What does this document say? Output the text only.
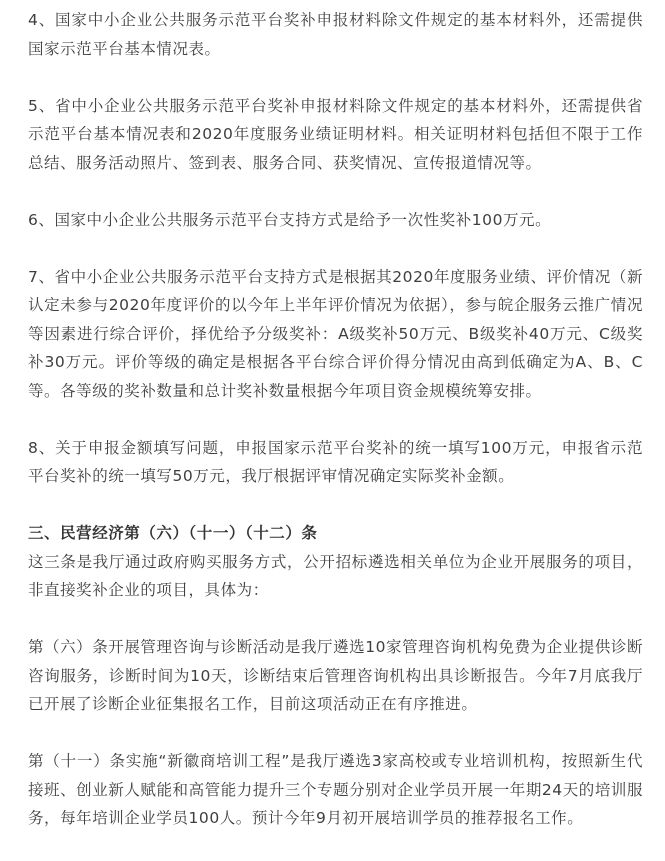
4、国家中小企业公共服务示范平台奖补申报材料除文件规定的基本材料外，还需提供国家示范平台基本情况表。

5、省中小企业公共服务示范平台奖补申报材料除文件规定的基本材料外，还需提供省示范平台基本情况表和2020年度服务业绩证明材料。相关证明材料包括但不限于工作总结、服务活动照片、签到表、服务合同、获奖情况、宣传报道情况等。

6、国家中小企业公共服务示范平台支持方式是给予一次性奖补100万元。

7、省中小企业公共服务示范平台支持方式是根据其2020年度服务业绩、评价情况（新认定未参与2020年度评价的以今年上半年评价情况为依据），参与皖企服务云推广情况等因素进行综合评价，择优给予分级奖补：A级奖补50万元、B级奖补40万元、C级奖补30万元。评价等级的确定是根据各平台综合评价得分情况由高到低确定为A、B、C等。各等级的奖补数量和总计奖补数量根据今年项目资金规模统筹安排。

8、关于申报金额填写问题，申报国家示范平台奖补的统一填写100万元，申报省示范平台奖补的统一填写50万元，我厅根据评审情况确定实际奖补金额。

三、民营经济第（六）（十一）（十二）条

这三条是我厅通过政府购买服务方式，公开招标遴选相关单位为企业开展服务的项目，非直接奖补企业的项目，具体为：

第（六）条开展管理咨询与诊断活动是我厅遴选10家管理咨询机构免费为企业提供诊断咨询服务，诊断时间为10天，诊断结束后管理咨询机构出具诊断报告。今年7月底我厅已开展了诊断企业征集报名工作，目前这项活动正在有序推进。

第（十一）条实施“新徽商培训工程”是我厅遴选3家高校或专业培训机构，按照新生代接班、创业新人赋能和高管能力提升三个专题分别对企业学员开展一年期24天的培训服务，每年培训企业学员100人。预计今年9月初开展培训学员的推荐报名工作。
